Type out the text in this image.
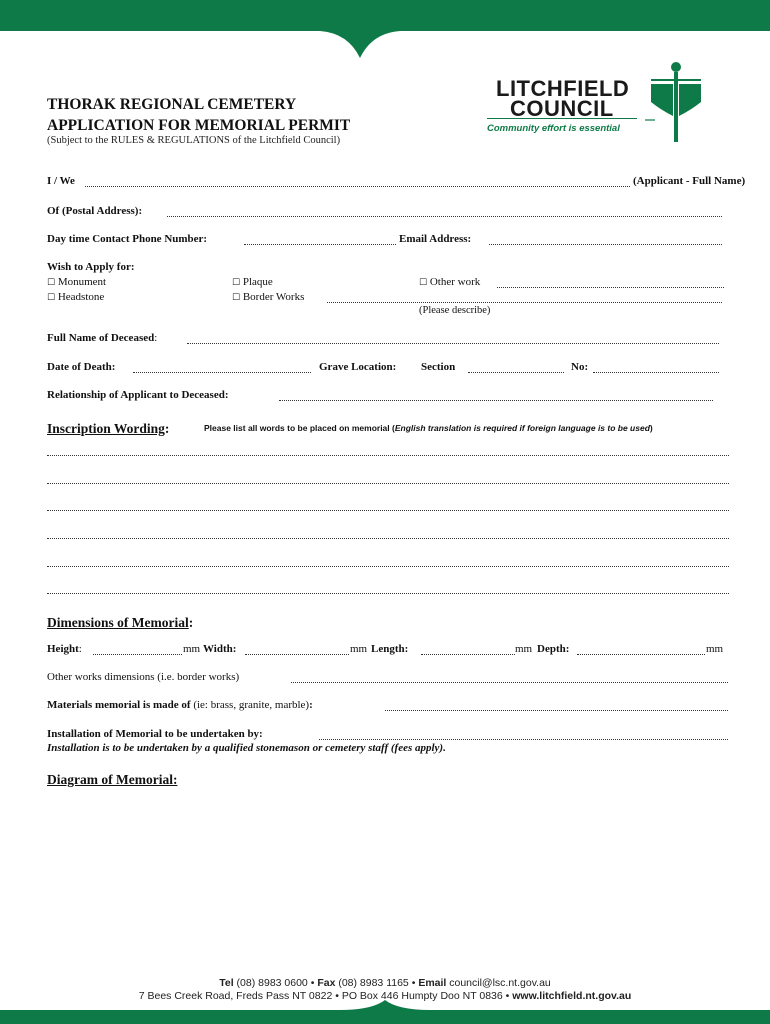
LITCHFIELD
COUNCIL
Community effort is essential
THORAK REGIONAL CEMETERY
APPLICATION FOR MEMORIAL PERMIT
(Subject to the RULES & REGULATIONS of the Litchfield Council)
I / We	(Applicant - Full Name)
Of (Postal Address):
Day time Contact Phone Number:	Email Address:
Wish to Apply for:
☐ Monument
☐ Headstone
☐ Plaque
☐ Border Works
☐ Other work
(Please describe)
Full Name of Deceased:
Date of Death:	Grave Location: Section	No:
Relationship of Applicant to Deceased:
Inscription Wording:	Please list all words to be placed on memorial (English translation is required if foreign language is to be used)
Dimensions of Memorial:
Height:	mm Width:	mm Length:	mm Depth:	mm
Other works dimensions (i.e. border works)
Materials memorial is made of (ie: brass, granite, marble):
Installation of Memorial to be undertaken by:
Installation is to be undertaken by a qualified stonemason or cemetery staff (fees apply).
Diagram of Memorial:
Tel (08) 8983 0600 • Fax (08) 8983 1165 • Email council@lsc.nt.gov.au
7 Bees Creek Road, Freds Pass NT 0822 • PO Box 446 Humpty Doo NT 0836 • www.litchfield.nt.gov.au
